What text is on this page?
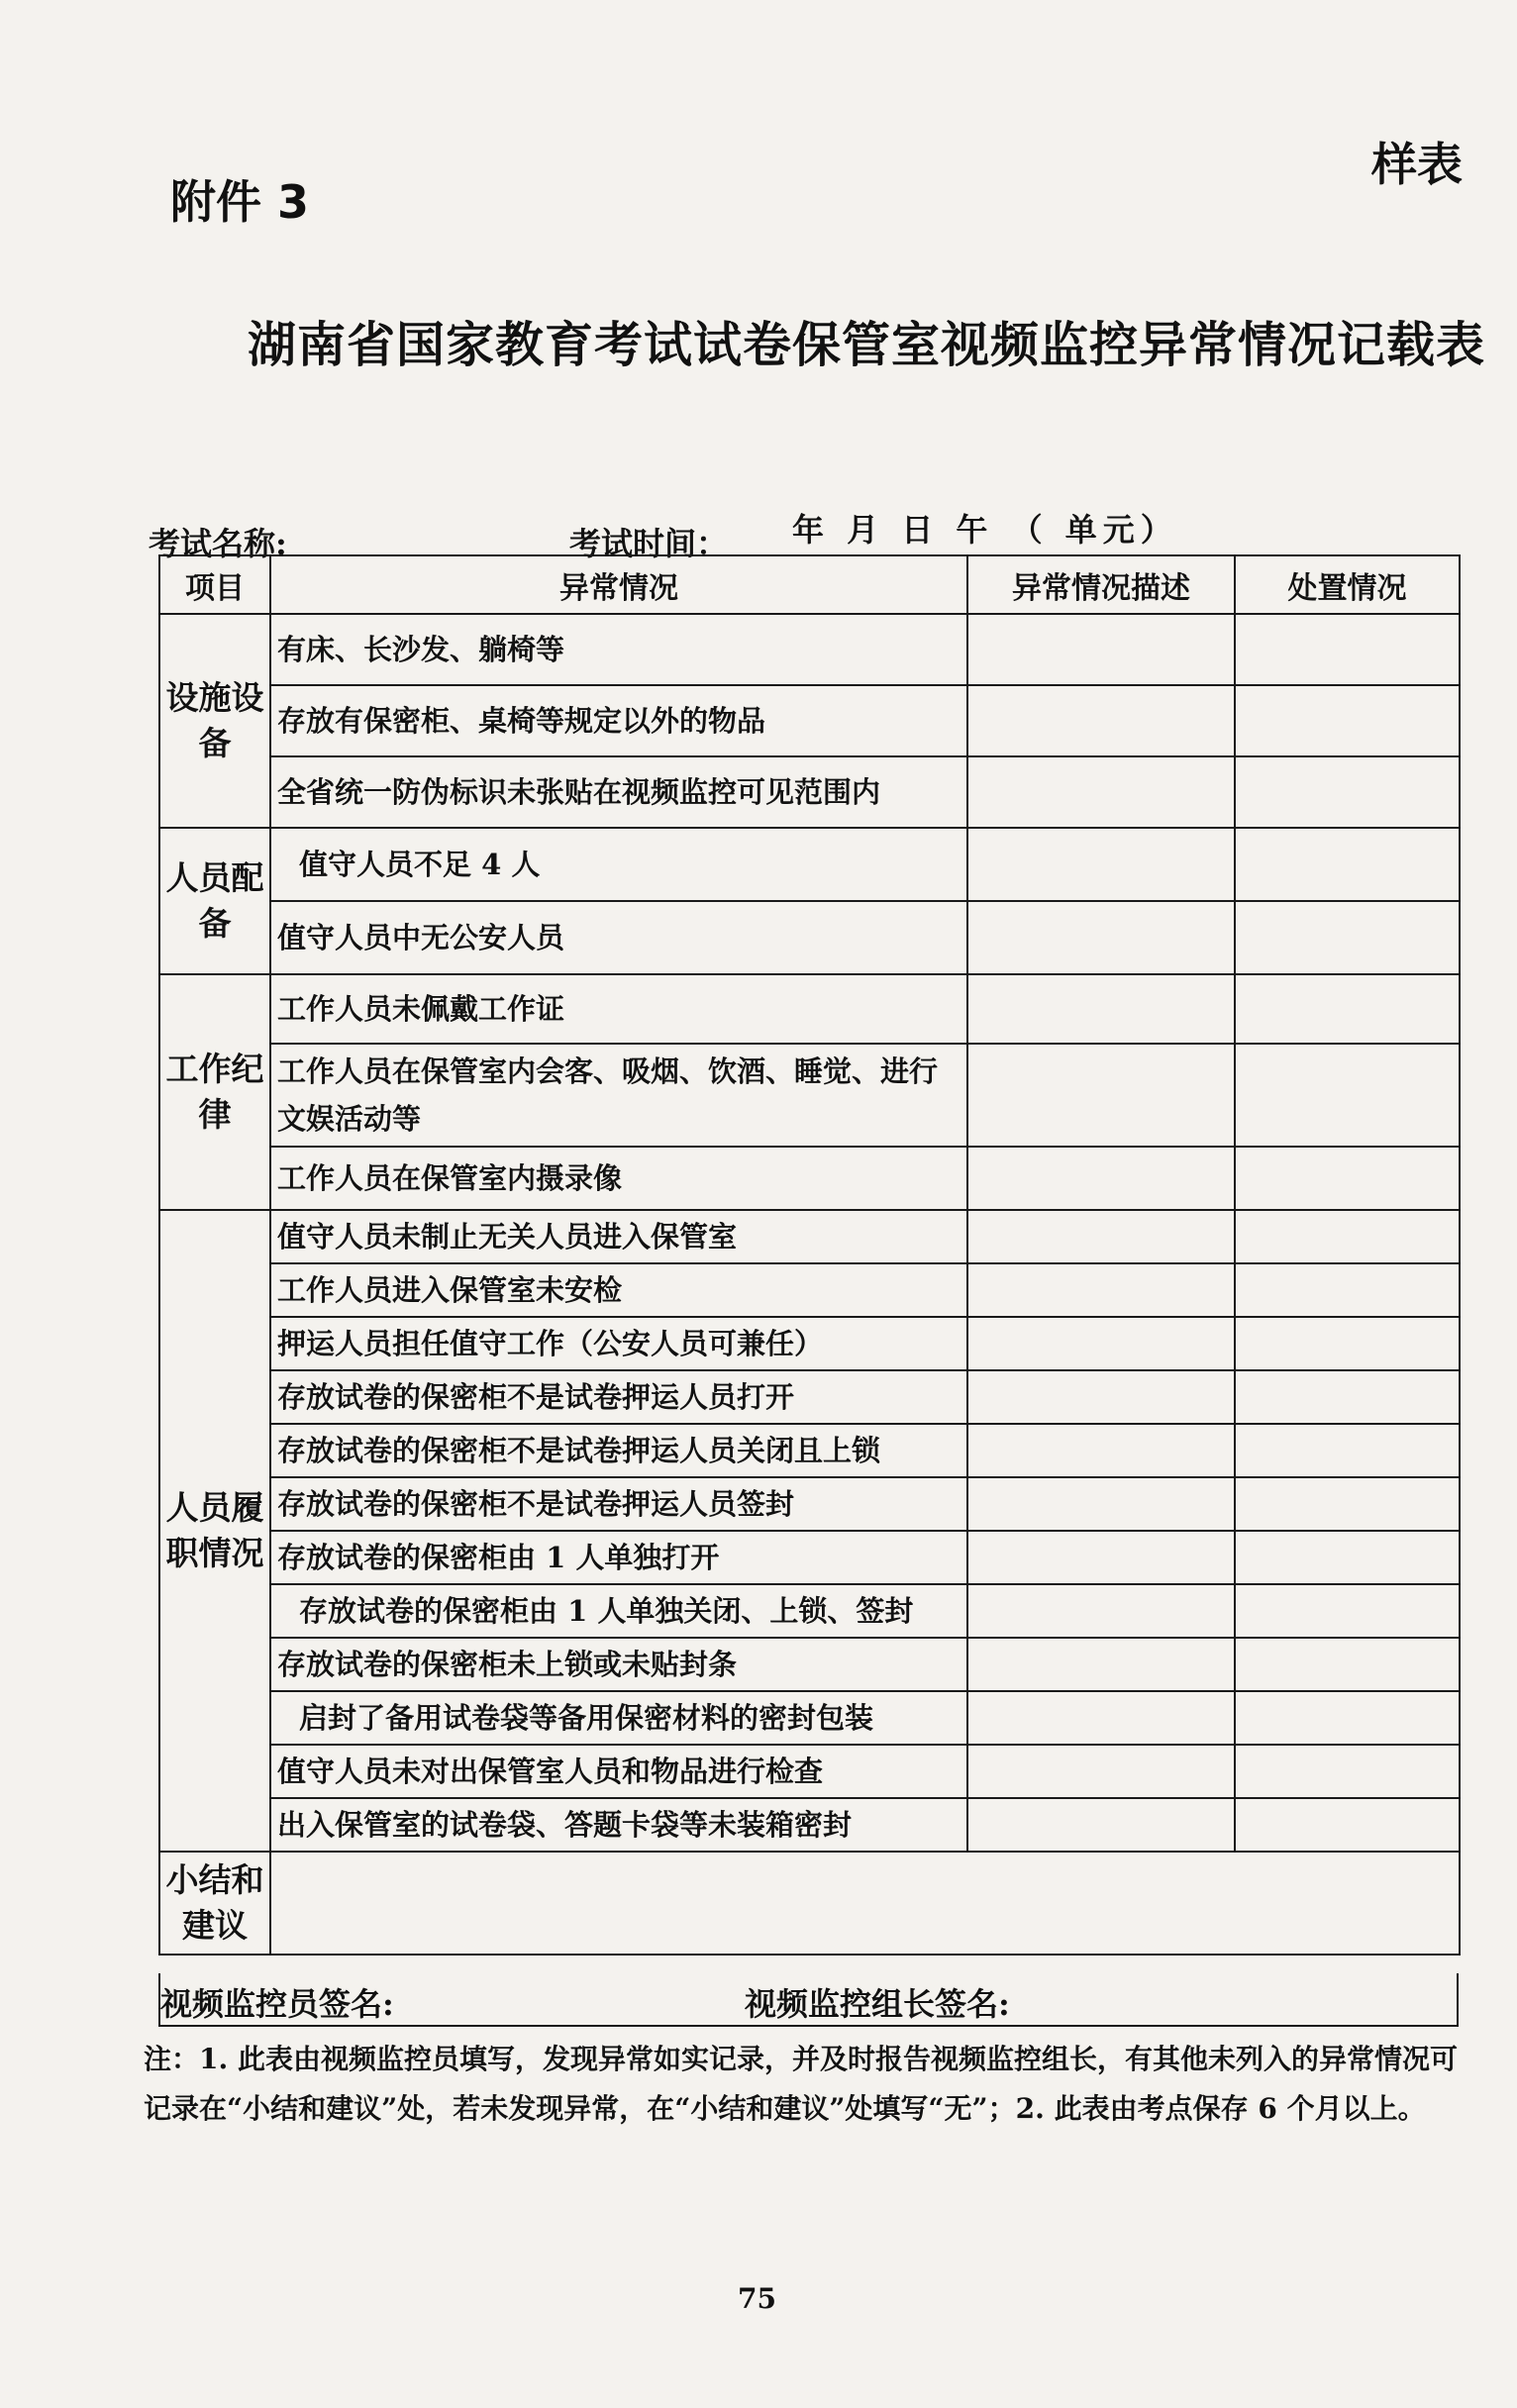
附件 3
样表
湖南省国家教育考试试卷保管室视频监控异常情况记载表
考试名称:	考试时间： 年 月 日 午 （ 单元）
项目	异常情况	异常情况描述	处置情况
设施设备	有床、长沙发、躺椅等		
	存放有保密柜、桌椅等规定以外的物品		
	全省统一防伪标识未张贴在视频监控可见范围内		
人员配备	值守人员不足 4 人		
	值守人员中无公安人员		
工作纪律	工作人员未佩戴工作证		
	工作人员在保管室内会客、吸烟、饮酒、睡觉、进行文娱活动等		
	工作人员在保管室内摄录像		
人员履职情况	值守人员未制止无关人员进入保管室		
	工作人员进入保管室未安检		
	押运人员担任值守工作（公安人员可兼任）		
	存放试卷的保密柜不是试卷押运人员打开		
	存放试卷的保密柜不是试卷押运人员关闭且上锁		
	存放试卷的保密柜不是试卷押运人员签封		
	存放试卷的保密柜由 1 人单独打开		
	存放试卷的保密柜由 1 人单独关闭、上锁、签封		
	存放试卷的保密柜未上锁或未贴封条		
	启封了备用试卷袋等备用保密材料的密封包装		
	值守人员未对出保管室人员和物品进行检查		
	出入保管室的试卷袋、答题卡袋等未装箱密封		
小结和建议			
视频监控员签名:	视频监控组长签名:
注：1. 此表由视频监控员填写，发现异常如实记录，并及时报告视频监控组长，有其他未列入的异常情况可记录在“小结和建议”处，若未发现异常，在“小结和建议”处填写“无”；2. 此表由考点保存 6 个月以上。
75
